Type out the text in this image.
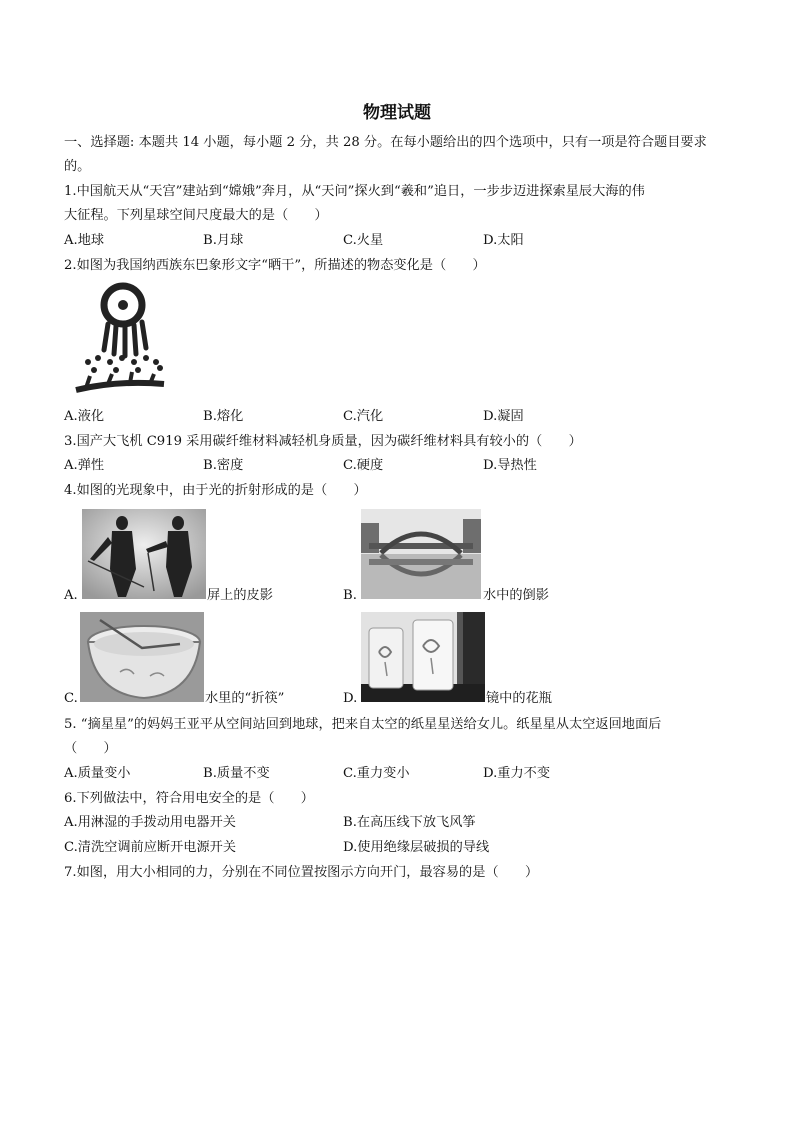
物理试题
一、选择题: 本题共 14 小题，每小题 2 分，共 28 分。在每小题给出的四个选项中，只有一项是符合题目要求
的。
1.中国航天从“天宫”建站到“嫦娥”奔月，从“天问”探火到“羲和”追日，一步步迈进探索星辰大海的伟
大征程。下列星球空间尺度最大的是（　　）
A.地球	B.月球	C.火星	D.太阳
2.如图为我国纳西族东巴象形文字“晒干”，所描述的物态变化是（　　）
A.液化	B.熔化	C.汽化	D.凝固
3.国产大飞机 C919 采用碳纤维材料减轻机身质量，因为碳纤维材料具有较小的（　　）
A.弹性	B.密度	C.硬度	D.导热性
4.如图的光现象中，由于光的折射形成的是（　　）
A.	屏上的皮影	B.	水中的倒影
C.	水里的“折筷”	D.	镜中的花瓶
5. “摘星星”的妈妈王亚平从空间站回到地球，把来自太空的纸星星送给女儿。纸星星从太空返回地面后
（　　）
A.质量变小	B.质量不变	C.重力变小	D.重力不变
6.下列做法中，符合用电安全的是（　　）
A.用淋湿的手拨动用电器开关	B.在高压线下放飞风筝
C.清洗空调前应断开电源开关	D.使用绝缘层破损的导线
7.如图，用大小相同的力，分别在不同位置按图示方向开门，最容易的是（　　）
